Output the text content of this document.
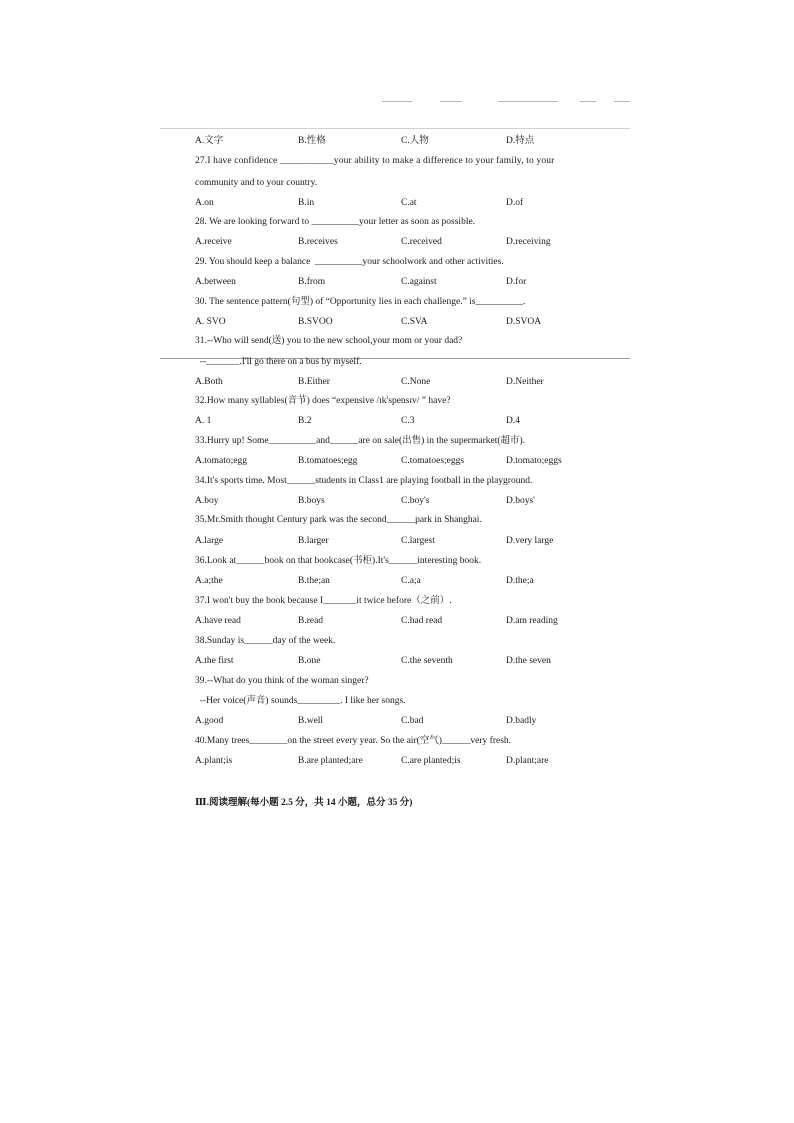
A.文字	B.性格	C.人物	D.特点
27.I have confidence ___________your ability to make a difference to your family, to your
community and to your country.
A.on	B.in	C.at	D.of
28. We are looking forward to __________your letter as soon as possible.
A.receive	B.receives	C.received	D.receiving
29. You should keep a balance  __________your schoolwork and other activities.
A.between	B.from	C.against	D.for
30. The sentence pattern(句型) of “Opportunity lies in each challenge.” is__________.
A. SVO	B.SVOO	C.SVA	D.SVOA
31.--Who will send(送) you to the new school,your mom or your dad?
--_______.I'll go there on a bus by myself.
A.Both	B.Either	C.None	D.Neither
32.How many syllables(音节) does “expensive /ɪk'spensɪv/ ” have?
A. 1	B.2	C.3	D.4
33.Hurry up! Some__________and______are on sale(出售) in the supermarket(超市).
A.tomato;egg	B.tomatoes;egg	C.tomatoes;eggs	D.tomato;eggs
34.It's sports time. Most______students in Class1 are playing football in the playground.
A.boy	B.boys	C.boy's	D.boys'
35.Mr.Smith thought Century park was the second______park in Shanghai.
A.large	B.larger	C.largest	D.very large
36.Look at______book on that bookcase(书柜).It's______interesting book.
A.a;the	B.the;an	C.a;a	D.the;a
37.I won't buy the book because I_______it twice before（之前）.
A.have read	B.read	C.had read	D.am reading
38.Sunday is______day of the week.
A.the first	B.one	C.the seventh	D.the seven
39.--What do you think of the woman singer?
--Her voice(声音) sounds_________. I like her songs.
A.good	B.well	C.bad	D.badly
40.Many trees________on the street every year. So the air(空气)______very fresh.
A.plant;is	B.are planted;are	C.are planted;is	D.plant;are
Ⅲ.阅读理解(每小题 2.5 分，共 14 小题，总分 35 分)
